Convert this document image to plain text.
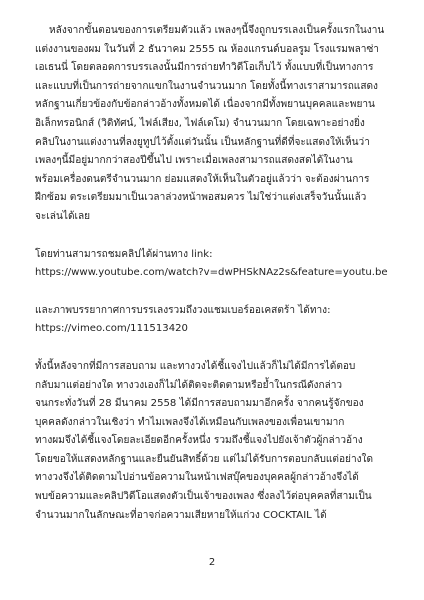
หลังจากขั้นตอนของการเตรียมตัวแล้ว เพลงๆนี้จึงถูกบรรเลงเป็นครั้งแรกในงาน
แต่งงานของผม ในวันที่ 2 ธันวาคม 2555 ณ ห้องแกรนด์บอลรูม โรงแรมพลาซ่า
เอเธนนี่ โดยตลอดการบรรเลงนั้นมีการถ่ายทำวิดีโอเก็บไว้ ทั้งแบบที่เป็นทางการ
และแบบที่เป็นการถ่ายจากแขกในงานจำนวนมาก โดยทั้งนี้ทางเราสามารถแสดง
หลักฐานเกี่ยวข้องกับข้อกล่าวอ้างทั้งหมดได้ เนื่องจากมีทั้งพยานบุคคลและพยาน
อิเล็กทรอนิกส์ (วิดิทัศน์, ไฟล์เสียง, ไฟล์เดโม) จำนวนมาก โดยเฉพาะอย่างยิ่ง
คลิปในงานแต่งงานที่ลงยูทูปไว้ตั้งแต่วันนั้น เป็นหลักฐานที่ดีที่จะแสดงให้เห็นว่า
เพลงๆนี้มีอยู่มากกว่าสองปีขึ้นไป เพราะเมื่อเพลงสามารถแสดงสดได้ในงาน
พร้อมเครื่องดนตรีจำนวนมาก ย่อมแสดงให้เห็นในตัวอยู่แล้วว่า จะต้องผ่านการ
ฝึกซ้อม ตระเตรียมมาเป็นเวลาล่วงหน้าพอสมควร ไม่ใช่ว่าแต่งเสร็จวันนั้นแล้ว
จะเล่นได้เลย
โดยท่านสามารถชมคลิปได้ผ่านทาง link:
https://www.youtube.com/watch?v=dwPHSkNAz2s&feature=youtu.be
และภาพบรรยากาศการบรรเลงรวมถึงวงแชมเบอร์ออเคสตร้า ได้ทาง:
https://vimeo.com/111513420
ทั้งนี้หลังจากที่มีการสอบถาม และทางวงได้ชี้แจงไปแล้วก็ไม่ได้มีการได้ตอบ
กลับมาแต่อย่างใด ทางวงเองก็ไม่ได้ติดจะติดตามหรือย้ำในกรณีดังกล่าว
จนกระทั่งวันที่ 28 มีนาคม 2558 ได้มีการสอบถามมาอีกครั้ง จากคนรู้จักของ
บุคคลดังกล่าวในเชิงว่า ทำไมเพลงจึงได้เหมือนกับเพลงของเพื่อนเขามาก
ทางผมจึงได้ชี้แจงโดยละเอียดอีกครั้งหนึ่ง รวมถึงชี้แจงไปยังเจ้าตัวผู้กล่าวอ้าง
โดยขอให้แสดงหลักฐานและยืนยันสิทธิ์ด้วย แต่ไม่ได้รับการตอบกลับแต่อย่างใด
ทางวงจึงได้ติดตามไปอ่านข้อความในหน้าเฟสบุ๊คของบุคคลผู้กล่าวอ้างจึงได้
พบข้อความและคลิปวิดีโอแสดงตัวเป็นเจ้าของเพลง ซึ่งลงไว้ต่อบุคคลที่สามเป็น
จำนวนมากในลักษณะที่อาจก่อความเสียหายให้แก่วง COCKTAIL ได้
2
